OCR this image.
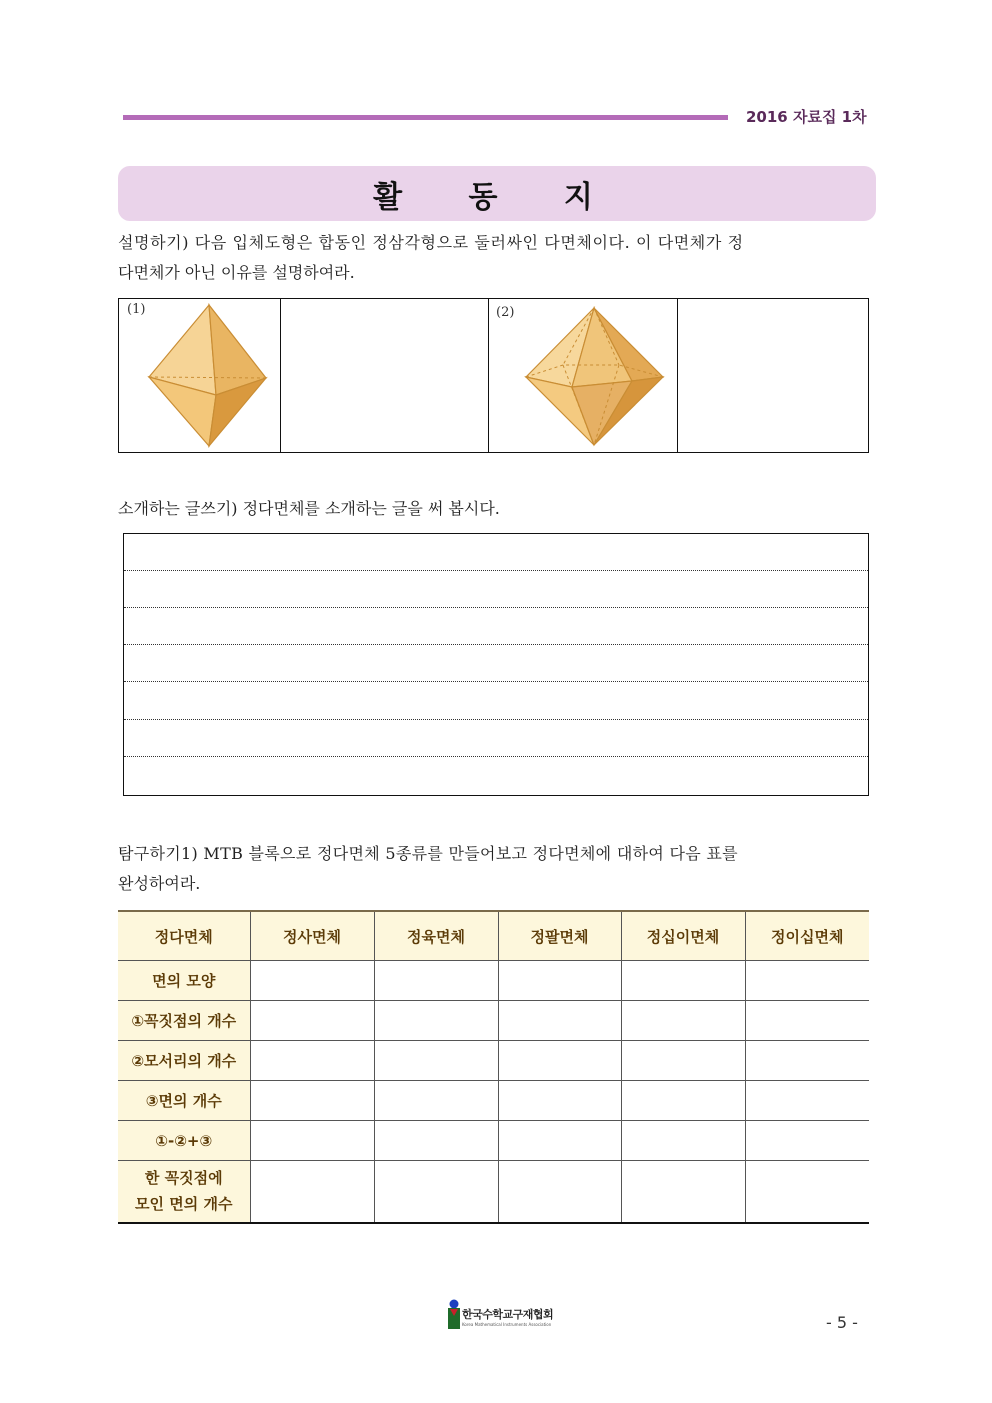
2016 자료집 1차
활 동 지
설명하기) 다음 입체도형은 합동인 정삼각형으로 둘러싸인 다면체이다. 이 다면체가 정
다면체가 아닌 이유를 설명하여라.
(1)	(2)
소개하는 글쓰기) 정다면체를 소개하는 글을 써 봅시다.
탐구하기1) MTB 블록으로 정다면체 5종류를 만들어보고 정다면체에 대하여 다음 표를
완성하여라.
정다면체	정사면체	정육면체	정팔면체	정십이면체	정이십면체
면의 모양					
①꼭짓점의 개수					
②모서리의 개수					
③면의 개수					
①-②+③					
한 꼭짓점에
모인 면의 개수					
한국수학교구재협회
Korea Mathematical Instruments Association	- 5 -
